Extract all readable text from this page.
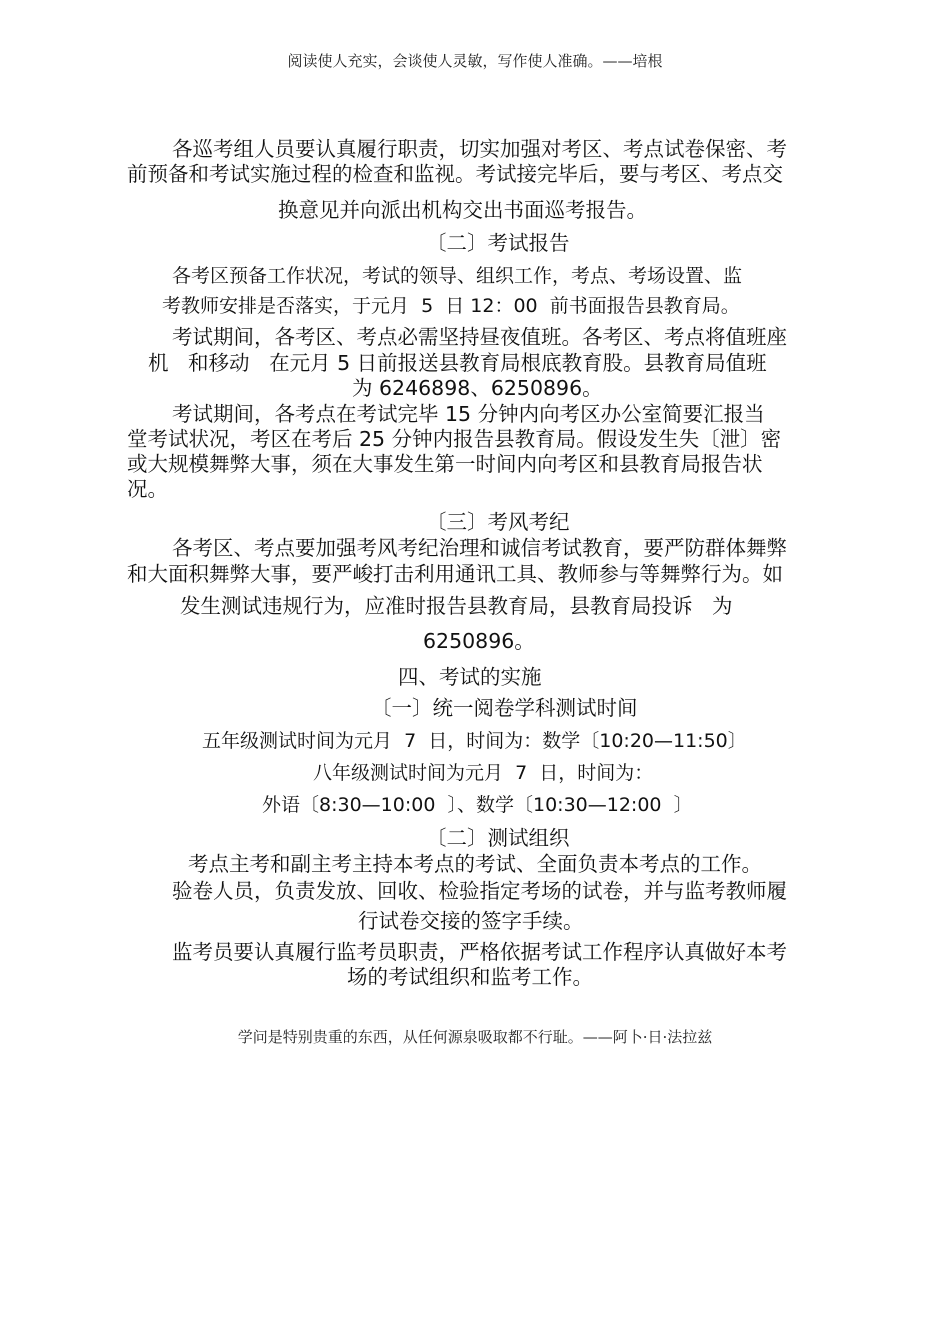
阅读使人充实，会谈使人灵敏，写作使人准确。——培根
各巡考组人员要认真履行职责，切实加强对考区、考点试卷保密、考
前预备和考试实施过程的检查和监视。考试接完毕后，要与考区、考点交
换意见并向派出机构交出书面巡考报告。
〔二〕考试报告
各考区预备工作状况，考试的领导、组织工作，考点、考场设置、监
考教师安排是否落实，于元月  5  日 12：00  前书面报告县教育局。
考试期间，各考区、考点必需坚持昼夜值班。各考区、考点将值班座
机   和移动   在元月 5 日前报送县教育局根底教育股。县教育局值班
为 6246898、6250896。
考试期间，各考点在考试完毕 15 分钟内向考区办公室简要汇报当
堂考试状况，考区在考后 25 分钟内报告县教育局。假设发生失〔泄〕密
或大规模舞弊大事，须在大事发生第一时间内向考区和县教育局报告状
况。
〔三〕考风考纪
各考区、考点要加强考风考纪治理和诚信考试教育，要严防群体舞弊
和大面积舞弊大事，要严峻打击利用通讯工具、教师参与等舞弊行为。如
发生测试违规行为，应准时报告县教育局，县教育局投诉   为
6250896。
四、考试的实施
〔一〕统一阅卷学科测试时间
五年级测试时间为元月  7  日，时间为：数学〔10:20—11:50〕
八年级测试时间为元月  7  日，时间为：
外语〔8:30—10:00  〕、数学〔10:30—12:00  〕
〔二〕测试组织
考点主考和副主考主持本考点的考试、全面负责本考点的工作。
验卷人员，负责发放、回收、检验指定考场的试卷，并与监考教师履
行试卷交接的签字手续。
监考员要认真履行监考员职责，严格依据考试工作程序认真做好本考
场的考试组织和监考工作。
学问是特别贵重的东西，从任何源泉吸取都不行耻。——阿卜·日·法拉兹
